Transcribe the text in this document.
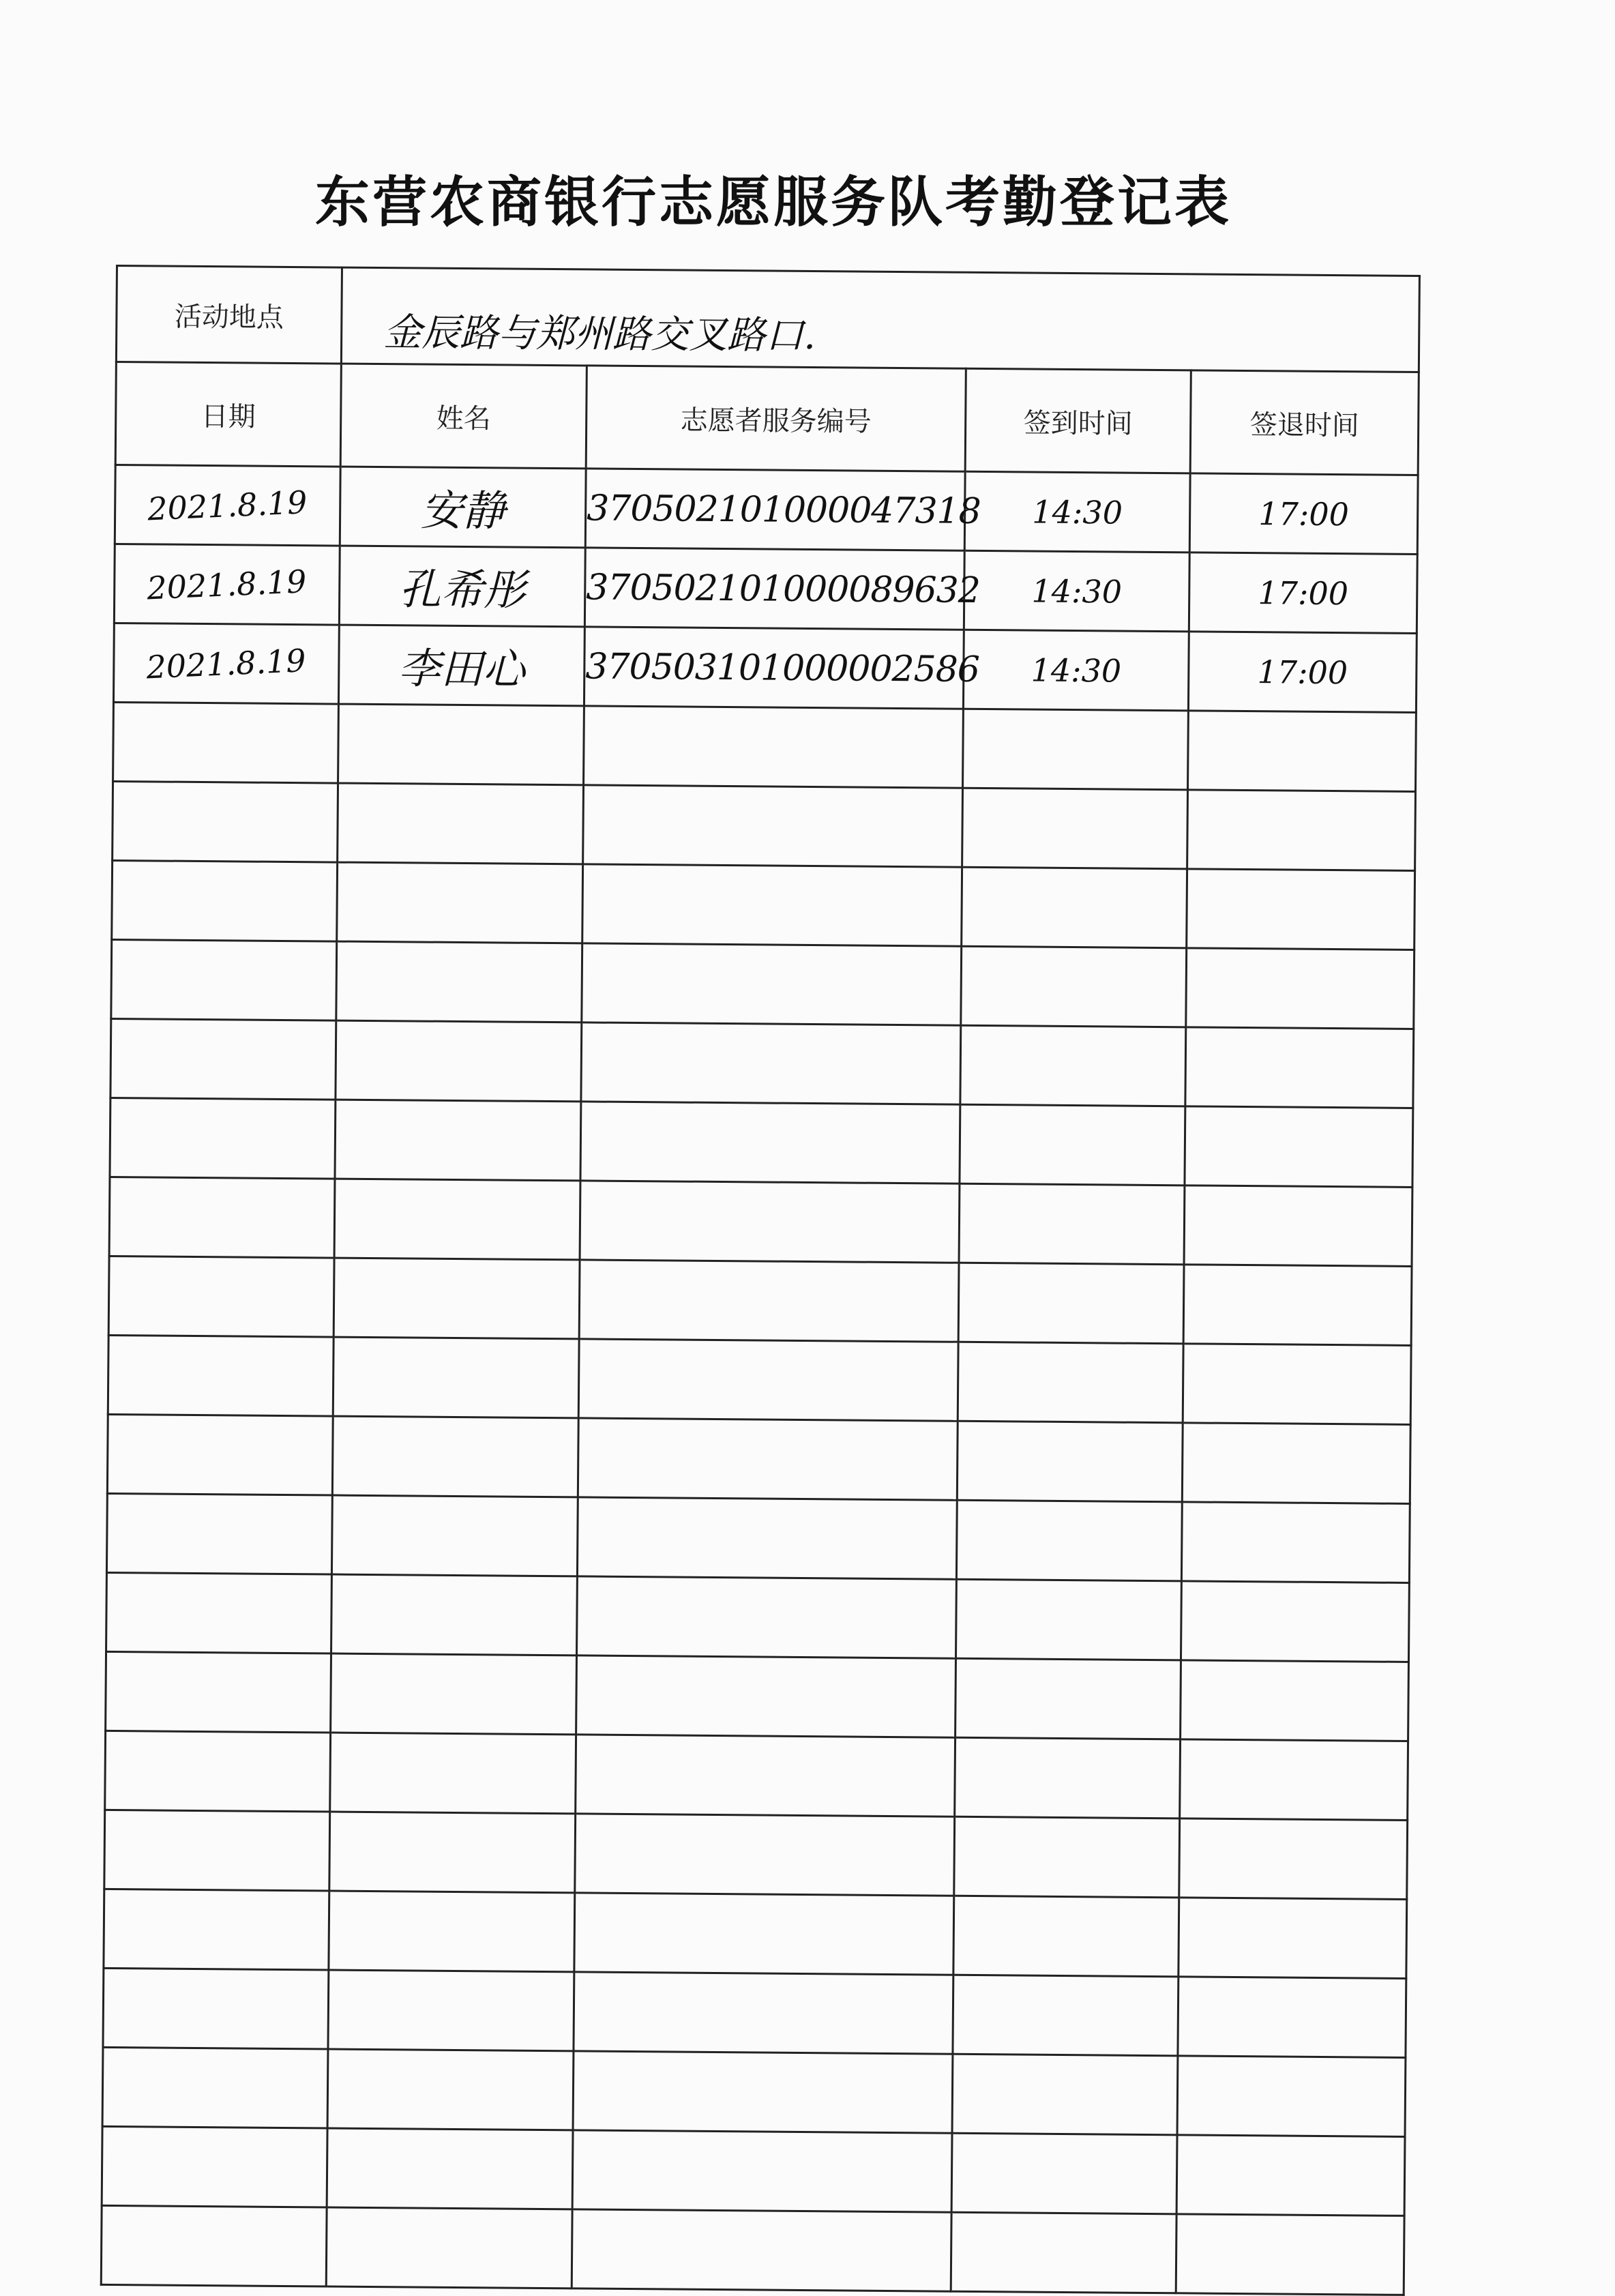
东营农商银行志愿服务队考勤登记表
活动地点	金辰路与郑州路交叉路口.			

日期	姓名	志愿者服务编号	签到时间	签退时间
2021.8.19	安静	370502101000047318	14:30	17:00
2021.8.19	孔希彤	370502101000089632	14:30	17:00
2021.8.19	李田心	370503101000002586	14:30	17:00
